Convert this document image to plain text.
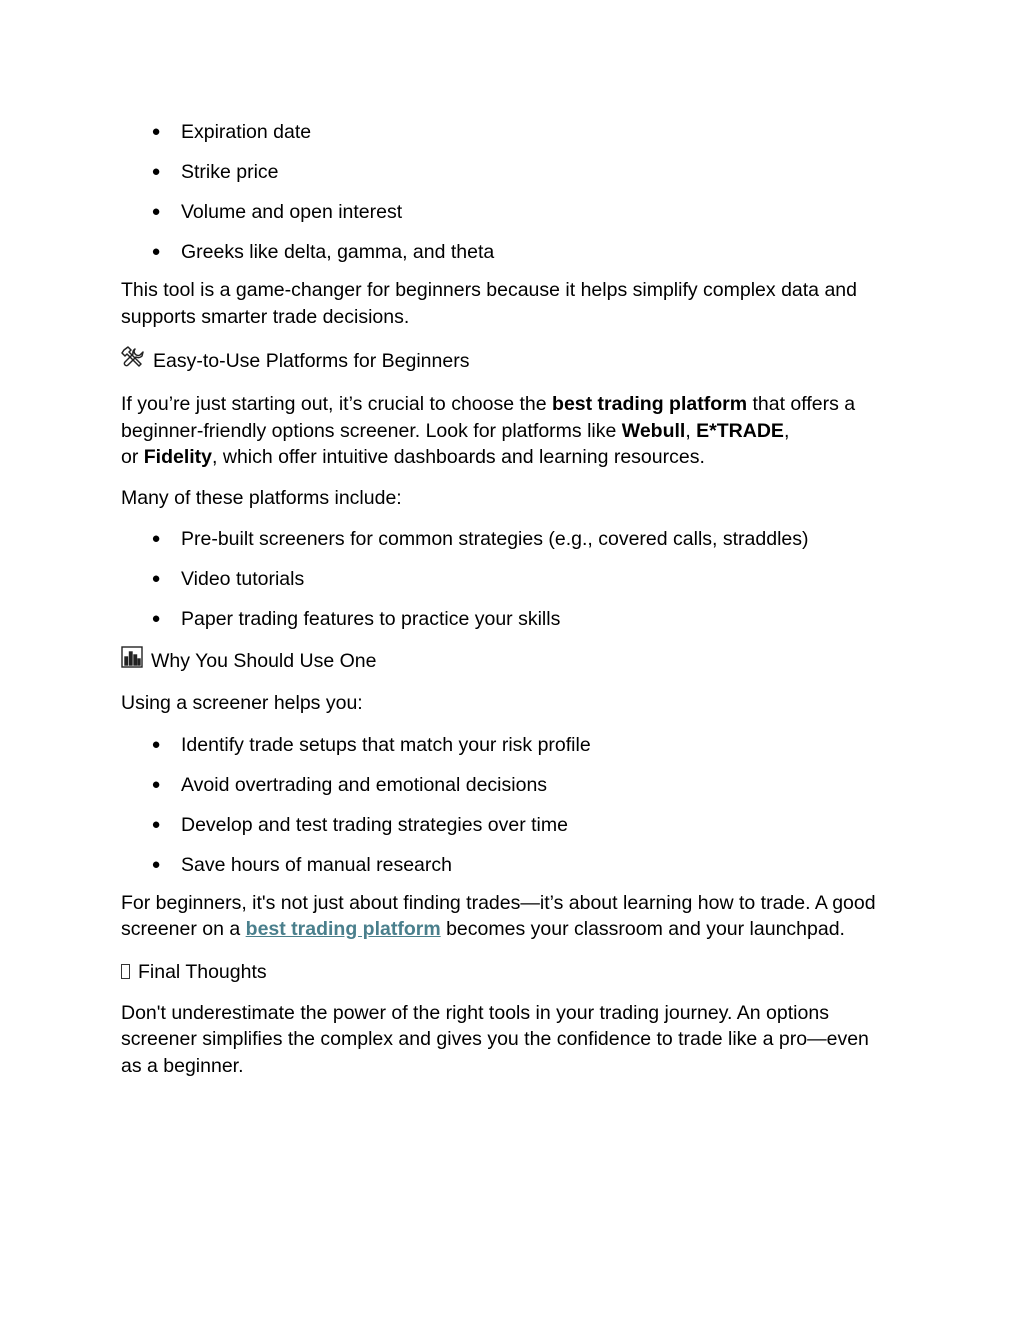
● Expiration date
● Strike price
● Volume and open interest
● Greeks like delta, gamma, and theta

This tool is a game-changer for beginners because it helps simplify complex data and
supports smarter trade decisions.

Easy-to-Use Platforms for Beginners

If you’re just starting out, it’s crucial to choose the best trading platform that offers a
beginner-friendly options screener. Look for platforms like Webull, E*TRADE,
or Fidelity, which offer intuitive dashboards and learning resources.

Many of these platforms include:

● Pre-built screeners for common strategies (e.g., covered calls, straddles)
● Video tutorials
● Paper trading features to practice your skills
Why You Should Use One

Using a screener helps you:

● Identify trade setups that match your risk profile
● Avoid overtrading and emotional decisions
● Develop and test trading strategies over time
● Save hours of manual research

For beginners, it's not just about finding trades—it’s about learning how to trade. A good
screener on a best trading platform becomes your classroom and your launchpad.

Final Thoughts

Don't underestimate the power of the right tools in your trading journey. An options
screener simplifies the complex and gives you the confidence to trade like a pro—even
as a beginner.
